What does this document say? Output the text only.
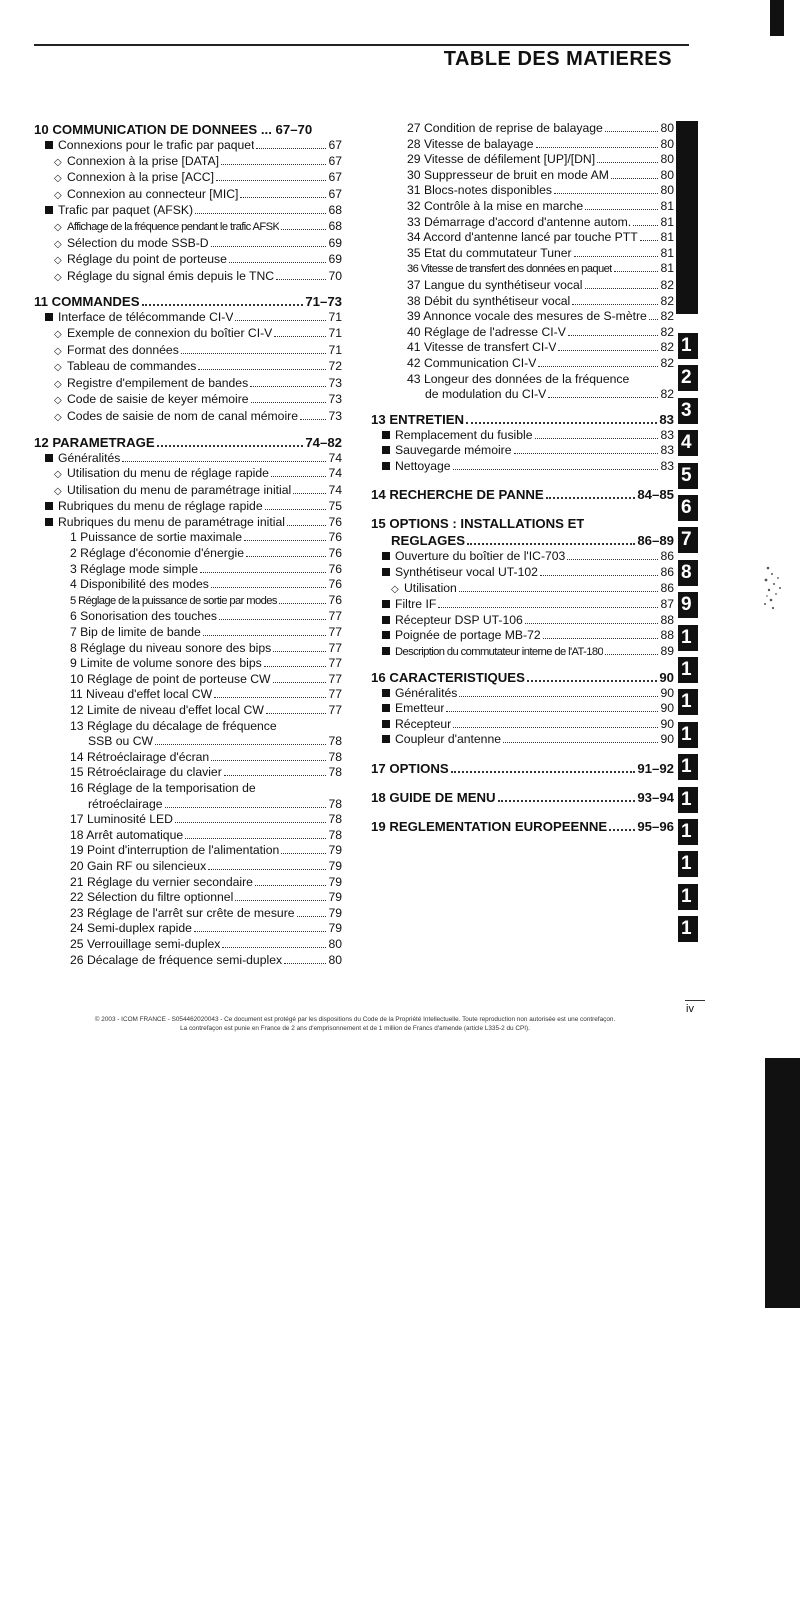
TABLE DES MATIERES
10 COMMUNICATION DE DONNEES ... 67–70
Connexions pour le trafic par paquet	67
◇ Connexion à la prise [DATA]	67
◇ Connexion à la prise [ACC]	67
◇ Connexion au connecteur [MIC]	67
Trafic par paquet (AFSK)	68
◇ Affichage de la fréquence pendant le trafic AFSK	68
◇ Sélection du mode SSB-D	69
◇ Réglage du point de porteuse	69
◇ Réglage du signal émis depuis le TNC	70
11 COMMANDES	71–73
Interface de télécommande CI-V	71
◇ Exemple de connexion du boîtier CI-V	71
◇ Format des données	71
◇ Tableau de commandes	72
◇ Registre d'empilement de bandes	73
◇ Code de saisie de keyer mémoire	73
◇ Codes de saisie de nom de canal mémoire 73
12 PARAMETRAGE	74–82
Généralités	74
◇ Utilisation du menu de réglage rapide	74
◇ Utilisation du menu de paramétrage initial	74
Rubriques du menu de réglage rapide	75
Rubriques du menu de paramétrage initial	76
1 Puissance de sortie maximale	76
2 Réglage d'économie d'énergie	76
3 Réglage mode simple	76
4 Disponibilité des modes	76
5 Réglage de la puissance de sortie par modes	76
6 Sonorisation des touches	77
7 Bip de limite de bande	77
8 Réglage du niveau sonore des bips	77
9 Limite de volume sonore des bips	77
10 Réglage de point de porteuse CW	77
11 Niveau d'effet local CW	77
12 Limite de niveau d'effet local CW	77
13 Réglage du décalage de fréquence
SSB ou CW	78
14 Rétroéclairage d'écran	78
15 Rétroéclairage du clavier	78
16 Réglage de la temporisation de
rétroéclairage	78
17 Luminosité LED	78
18 Arrêt automatique	78
19 Point d'interruption de l'alimentation	79
20 Gain RF ou silencieux	79
21 Réglage du vernier secondaire	79
22 Sélection du filtre optionnel	79
23 Réglage de l'arrêt sur crête de mesure	79
24 Semi-duplex rapide	79
25 Verrouillage semi-duplex	80
26 Décalage de fréquence semi-duplex	80
27 Condition de reprise de balayage	80
28 Vitesse de balayage	80
29 Vitesse de défilement [UP]/[DN]	80
30 Suppresseur de bruit en mode AM	80
31 Blocs-notes disponibles	80
32 Contrôle à la mise en marche	81
33 Démarrage d'accord d'antenne autom. 81
34 Accord d'antenne lancé par touche PTT 81
35 Etat du commutateur Tuner	81
36 Vitesse de transfert des données en paquet	81
37 Langue du synthétiseur vocal	82
38 Débit du synthétiseur vocal	82
39 Annonce vocale des mesures de S-mètre 82
40 Réglage de l'adresse CI-V	82
41 Vitesse de transfert CI-V	82
42 Communication CI-V	82
43 Longeur des données de la fréquence
de modulation du CI-V	82
13 ENTRETIEN	83
Remplacement du fusible	83
Sauvegarde mémoire	83
Nettoyage	83
14 RECHERCHE DE PANNE	84–85
15 OPTIONS : INSTALLATIONS ET
REGLAGES	86–89
Ouverture du boîtier de l'IC-703	86
Synthétiseur vocal UT-102	86
◇ Utilisation	86
Filtre IF	87
Récepteur DSP UT-106	88
Poignée de portage MB-72	88
Description du commutateur interne de l'AT-180	89
16 CARACTERISTIQUES	90
Généralités	90
Emetteur	90
Récepteur	90
Coupleur d'antenne	90
17 OPTIONS	91–92
18 GUIDE DE MENU	93–94
19 REGLEMENTATION EUROPEENNE 95–96
1
2
3
4
5
6
7
8
9
1
1
1
1
1
1
1
1
1
1
iv
© 2003 - ICOM FRANCE - S054462020043 - Ce document est protégé par les dispositions du Code de la Propriété Intellectuelle. Toute reproduction non autorisée est une contrefaçon.
La contrefaçon est punie en France de 2 ans d'emprisonnement et de 1 million de Francs d'amende (article L335-2 du CPI).
